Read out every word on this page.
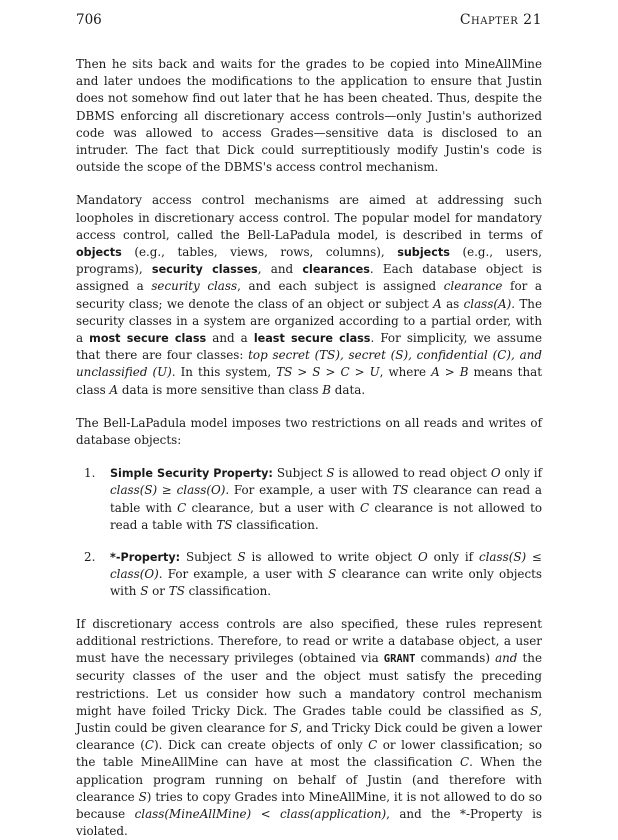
706	Chapter 21

Then he sits back and waits for the grades to be copied into MineAllMine and later undoes the modifications to the application to ensure that Justin does not somehow find out later that he has been cheated. Thus, despite the DBMS enforcing all discretionary access controls—only Justin's authorized code was allowed to access Grades—sensitive data is disclosed to an intruder. The fact that Dick could surreptitiously modify Justin's code is outside the scope of the DBMS's access control mechanism.

Mandatory access control mechanisms are aimed at addressing such loopholes in discretionary access control. The popular model for mandatory access control, called the Bell-LaPadula model, is described in terms of objects (e.g., tables, views, rows, columns), subjects (e.g., users, programs), security classes, and clearances. Each database object is assigned a security class, and each subject is assigned clearance for a security class; we denote the class of an object or subject A as class(A). The security classes in a system are organized according to a partial order, with a most secure class and a least secure class. For simplicity, we assume that there are four classes: top secret (TS), secret (S), confidential (C), and unclassified (U). In this system, TS > S > C > U, where A > B means that class A data is more sensitive than class B data.

The Bell-LaPadula model imposes two restrictions on all reads and writes of database objects:

1. Simple Security Property: Subject S is allowed to read object O only if class(S) ≥ class(O). For example, a user with TS clearance can read a table with C clearance, but a user with C clearance is not allowed to read a table with TS classification.
2. *-Property: Subject S is allowed to write object O only if class(S) ≤ class(O). For example, a user with S clearance can write only objects with S or TS classification.

If discretionary access controls are also specified, these rules represent additional restrictions. Therefore, to read or write a database object, a user must have the necessary privileges (obtained via GRANT commands) and the security classes of the user and the object must satisfy the preceding restrictions. Let us consider how such a mandatory control mechanism might have foiled Tricky Dick. The Grades table could be classified as S, Justin could be given clearance for S, and Tricky Dick could be given a lower clearance (C). Dick can create objects of only C or lower classification; so the table MineAllMine can have at most the classification C. When the application program running on behalf of Justin (and therefore with clearance S) tries to copy Grades into MineAllMine, it is not allowed to do so because class(MineAllMine) < class(application), and the *-Property is violated.
